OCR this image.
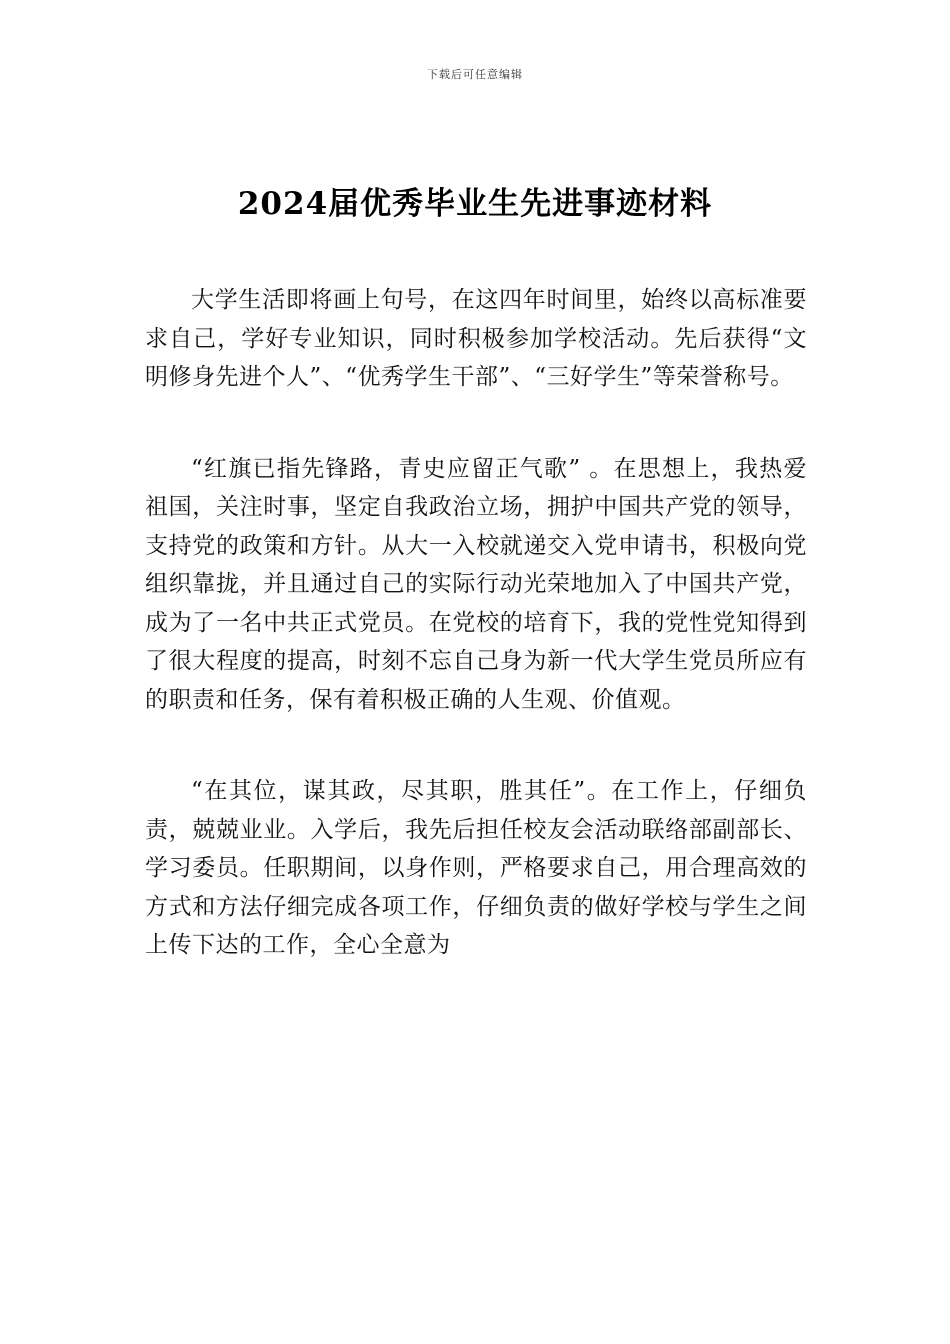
下载后可任意编辑
2024届优秀毕业生先进事迹材料

大学生活即将画上句号，在这四年时间里，始终以高标准要求自己，学好专业知识，同时积极参加学校活动。先后获得“文明修身先进个人”、“优秀学生干部”、“三好学生”等荣誉称号。

“红旗已指先锋路，青史应留正气歌” 。在思想上，我热爱祖国，关注时事，坚定自我政治立场，拥护中国共产党的领导，支持党的政策和方针。从大一入校就递交入党申请书，积极向党组织靠拢，并且通过自己的实际行动光荣地加入了中国共产党，成为了一名中共正式党员。在党校的培育下，我的党性党知得到了很大程度的提高，时刻不忘自己身为新一代大学生党员所应有的职责和任务，保有着积极正确的人生观、价值观。

“在其位，谋其政，尽其职，胜其任”。在工作上，仔细负责，兢兢业业。入学后，我先后担任校友会活动联络部副部长、学习委员。任职期间，以身作则，严格要求自己，用合理高效的方式和方法仔细完成各项工作，仔细负责的做好学校与学生之间上传下达的工作，全心全意为
